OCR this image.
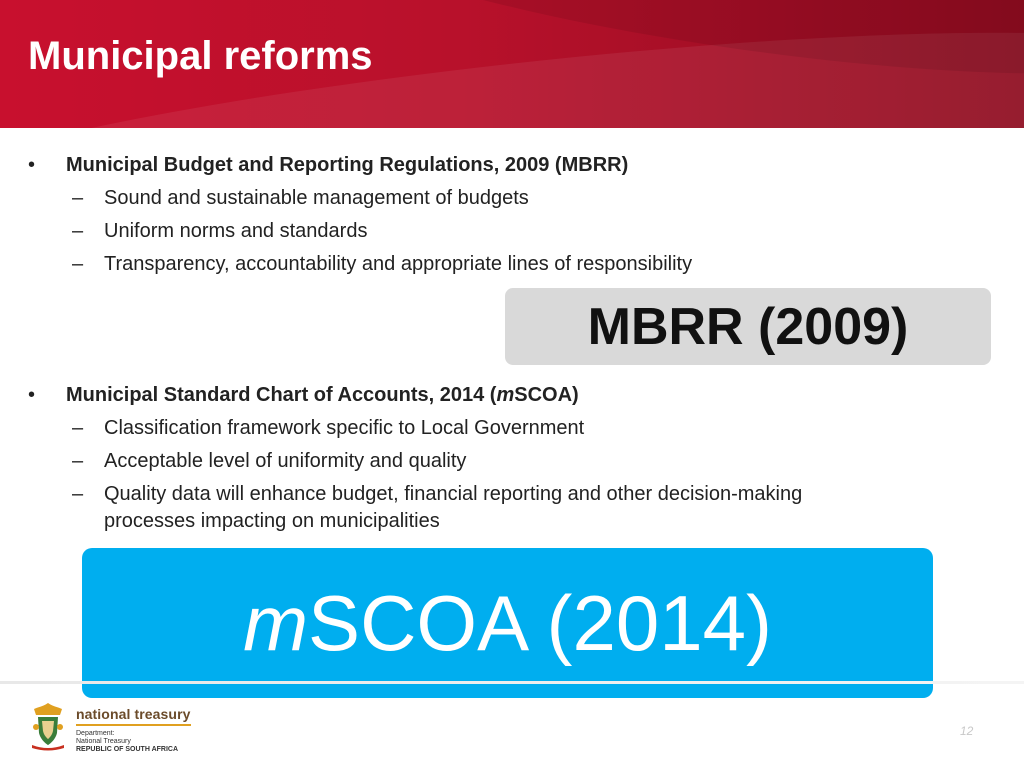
Municipal reforms
• Municipal Budget and Reporting Regulations, 2009 (MBRR)
– Sound and sustainable management of budgets
– Uniform norms and standards
– Transparency, accountability and appropriate lines of responsibility
MBRR (2009)
• Municipal Standard Chart of Accounts, 2014 (mSCOA)
– Classification framework specific to Local Government
– Acceptable level of uniformity and quality
– Quality data will enhance budget, financial reporting and other decision-making
processes impacting on municipalities
m SCOA (2014)
national treasury
Department:
National Treasury
REPUBLIC OF SOUTH AFRICA
12
